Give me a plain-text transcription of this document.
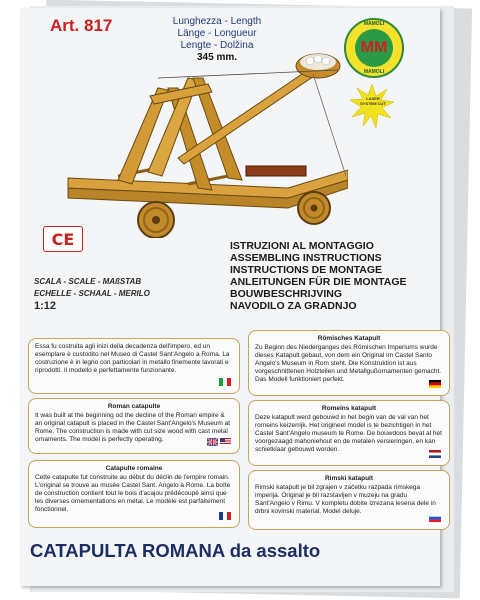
Art. 817	Lunghezza - Length
Länge - Longueur
Lengte - Dolžina
345 mm.
MAMOLI
MM
MAMOLI
LASER SYSTEM CUT
CE
SCALA - SCALE - MAßSTAB
ECHELLE - SCHAAL - MERILO
1:12
ISTRUZIONI AL MONTAGGIO
ASSEMBLING INSTRUCTIONS
INSTRUCTIONS DE MONTAGE
ANLEITUNGEN FÜR DIE MONTAGE
BOUWBESCHRIJVING
NAVODILO ZA GRADNJO
Essa fu costruita agli inizi della decadenza dell'impero, ed un esemplare è custodito nel Museo di Castel Sant'Angelo a Roma. La costruzione è in legno con particolari in metallo finemente lavorati e riprodotti. Il modello è perfettamente funzionante.
Roman catapulte
It was built at the beginning od the decline of the Roman empire & an original catapult is placed in the Castel Sant'Angelo's Museum at Rome. The construction is made with cut size wood with cast metal ornaments. The model is perfectly operating.
Catapulte romaine
Cette catapulte fut construite au début du déclin de l'empire romain. L'original se trouve au musée Castel Sant. Angelo à Rome. La boîte de construction contient tout le bois d'acajou prédécoupé ainsi que les diverses ornementations en métal. Le modèle est parfaitement fonctionnel.
Römisches Katapult
Zu Beginn des Niederganges des Römischen Imperiums wurde dieses Katapult gebaut, von dem ein Original im Castel Santo Angelo's Museum in Rom steht. Die Konstruktion ist aus vorgeschnittenen Holzteilen und Metallgußornamenten gemacht. Das Modell funktioniert perfekt.
Romeins katapult
Deze katapult werd gebouwd in het begin van de val van het romeins keizerrijk. Het origineel model is te bezichtigen in het Castel Sant'Angelo museum te Rome. De bouwdoos bevat al het voorgezaagd mahoniehout en de metalen versieringen, en kan schietklaar gebouwd worden.
Rimski katapult
Rimski katapult je bil zgrajen v začetku razpada rimskega imperija. Original je bil razstavljen v muzeju na gradu Sant'Angelo v Rimu. V kompletu dobite izrezana lesena dele in drbni kovinski material. Model deluje.
CATAPULTA ROMANA da assalto
